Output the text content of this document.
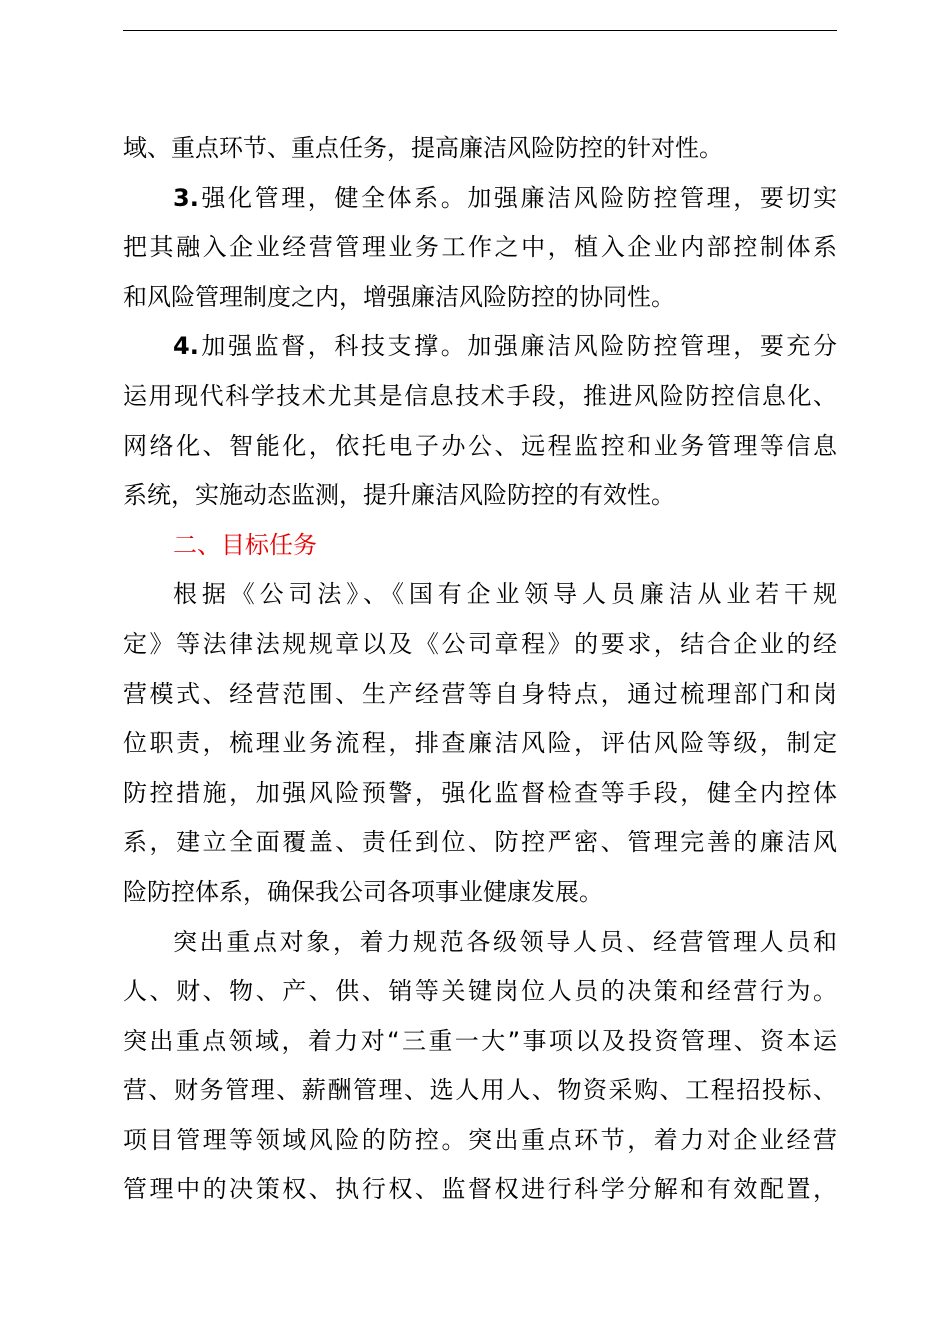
域、重点环节、重点任务，提高廉洁风险防控的针对性。
3.强化管理，健全体系。加强廉洁风险防控管理，要切实
把其融入企业经营管理业务工作之中，植入企业内部控制体系
和风险管理制度之内，增强廉洁风险防控的协同性。
4.加强监督，科技支撑。加强廉洁风险防控管理，要充分
运用现代科学技术尤其是信息技术手段，推进风险防控信息化、
网络化、智能化，依托电子办公、远程监控和业务管理等信息
系统，实施动态监测，提升廉洁风险防控的有效性。
二、目标任务
根据《公司法》、《国有企业领导人员廉洁从业若干规
定》等法律法规规章以及《公司章程》的要求，结合企业的经
营模式、经营范围、生产经营等自身特点，通过梳理部门和岗
位职责，梳理业务流程，排查廉洁风险，评估风险等级，制定
防控措施，加强风险预警，强化监督检查等手段，健全内控体
系，建立全面覆盖、责任到位、防控严密、管理完善的廉洁风
险防控体系，确保我公司各项事业健康发展。
突出重点对象，着力规范各级领导人员、经营管理人员和
人、财、物、产、供、销等关键岗位人员的决策和经营行为。
突出重点领域，着力对“三重一大”事项以及投资管理、资本运
营、财务管理、薪酬管理、选人用人、物资采购、工程招投标、
项目管理等领域风险的防控。突出重点环节，着力对企业经营
管理中的决策权、执行权、监督权进行科学分解和有效配置，
